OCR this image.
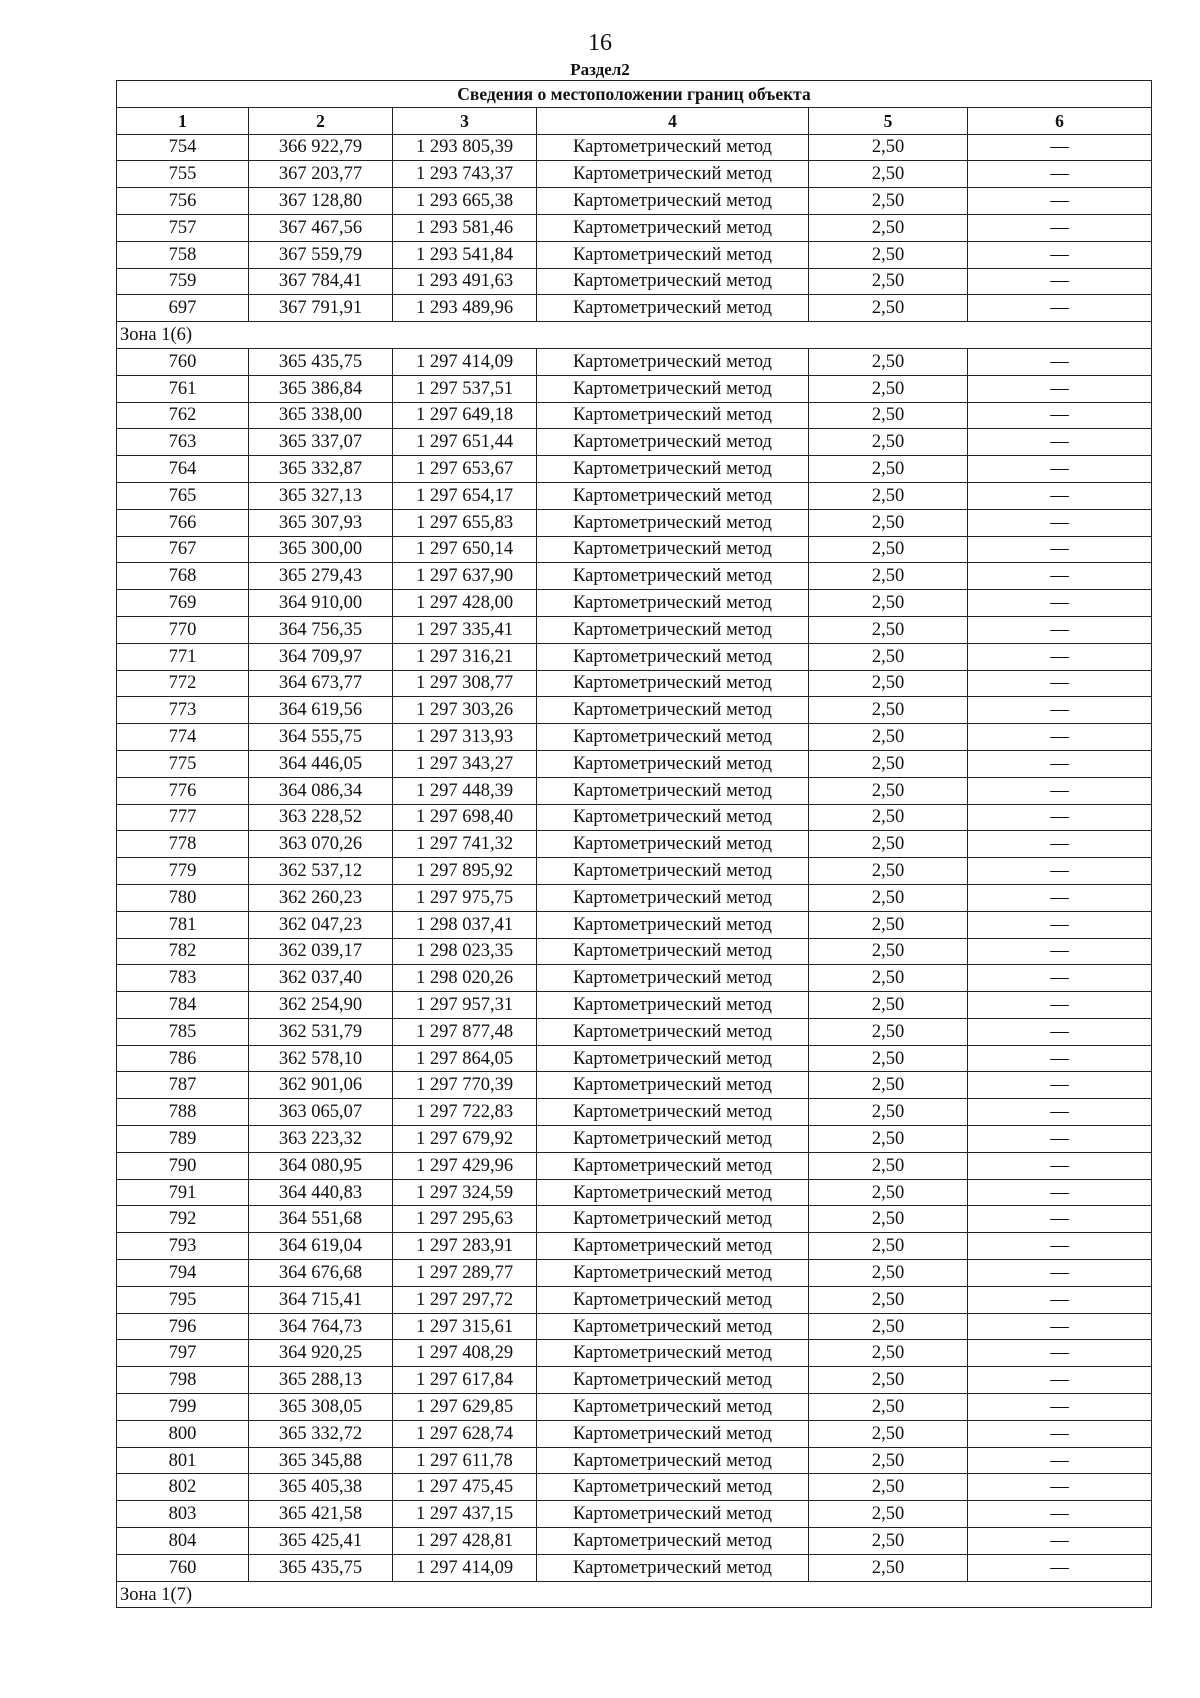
16
Раздел2
Сведения о местоположении границ объекта					
1	2	3	4	5	6
754	366 922,79	1 293 805,39	Картометрический метод	2,50	—
755	367 203,77	1 293 743,37	Картометрический метод	2,50	—
756	367 128,80	1 293 665,38	Картометрический метод	2,50	—
757	367 467,56	1 293 581,46	Картометрический метод	2,50	—
758	367 559,79	1 293 541,84	Картометрический метод	2,50	—
759	367 784,41	1 293 491,63	Картометрический метод	2,50	—
697	367 791,91	1 293 489,96	Картометрический метод	2,50	—
Зона 1(6)					
760	365 435,75	1 297 414,09	Картометрический метод	2,50	—
761	365 386,84	1 297 537,51	Картометрический метод	2,50	—
762	365 338,00	1 297 649,18	Картометрический метод	2,50	—
763	365 337,07	1 297 651,44	Картометрический метод	2,50	—
764	365 332,87	1 297 653,67	Картометрический метод	2,50	—
765	365 327,13	1 297 654,17	Картометрический метод	2,50	—
766	365 307,93	1 297 655,83	Картометрический метод	2,50	—
767	365 300,00	1 297 650,14	Картометрический метод	2,50	—
768	365 279,43	1 297 637,90	Картометрический метод	2,50	—
769	364 910,00	1 297 428,00	Картометрический метод	2,50	—
770	364 756,35	1 297 335,41	Картометрический метод	2,50	—
771	364 709,97	1 297 316,21	Картометрический метод	2,50	—
772	364 673,77	1 297 308,77	Картометрический метод	2,50	—
773	364 619,56	1 297 303,26	Картометрический метод	2,50	—
774	364 555,75	1 297 313,93	Картометрический метод	2,50	—
775	364 446,05	1 297 343,27	Картометрический метод	2,50	—
776	364 086,34	1 297 448,39	Картометрический метод	2,50	—
777	363 228,52	1 297 698,40	Картометрический метод	2,50	—
778	363 070,26	1 297 741,32	Картометрический метод	2,50	—
779	362 537,12	1 297 895,92	Картометрический метод	2,50	—
780	362 260,23	1 297 975,75	Картометрический метод	2,50	—
781	362 047,23	1 298 037,41	Картометрический метод	2,50	—
782	362 039,17	1 298 023,35	Картометрический метод	2,50	—
783	362 037,40	1 298 020,26	Картометрический метод	2,50	—
784	362 254,90	1 297 957,31	Картометрический метод	2,50	—
785	362 531,79	1 297 877,48	Картометрический метод	2,50	—
786	362 578,10	1 297 864,05	Картометрический метод	2,50	—
787	362 901,06	1 297 770,39	Картометрический метод	2,50	—
788	363 065,07	1 297 722,83	Картометрический метод	2,50	—
789	363 223,32	1 297 679,92	Картометрический метод	2,50	—
790	364 080,95	1 297 429,96	Картометрический метод	2,50	—
791	364 440,83	1 297 324,59	Картометрический метод	2,50	—
792	364 551,68	1 297 295,63	Картометрический метод	2,50	—
793	364 619,04	1 297 283,91	Картометрический метод	2,50	—
794	364 676,68	1 297 289,77	Картометрический метод	2,50	—
795	364 715,41	1 297 297,72	Картометрический метод	2,50	—
796	364 764,73	1 297 315,61	Картометрический метод	2,50	—
797	364 920,25	1 297 408,29	Картометрический метод	2,50	—
798	365 288,13	1 297 617,84	Картометрический метод	2,50	—
799	365 308,05	1 297 629,85	Картометрический метод	2,50	—
800	365 332,72	1 297 628,74	Картометрический метод	2,50	—
801	365 345,88	1 297 611,78	Картометрический метод	2,50	—
802	365 405,38	1 297 475,45	Картометрический метод	2,50	—
803	365 421,58	1 297 437,15	Картометрический метод	2,50	—
804	365 425,41	1 297 428,81	Картометрический метод	2,50	—
760	365 435,75	1 297 414,09	Картометрический метод	2,50	—
Зона 1(7)					
